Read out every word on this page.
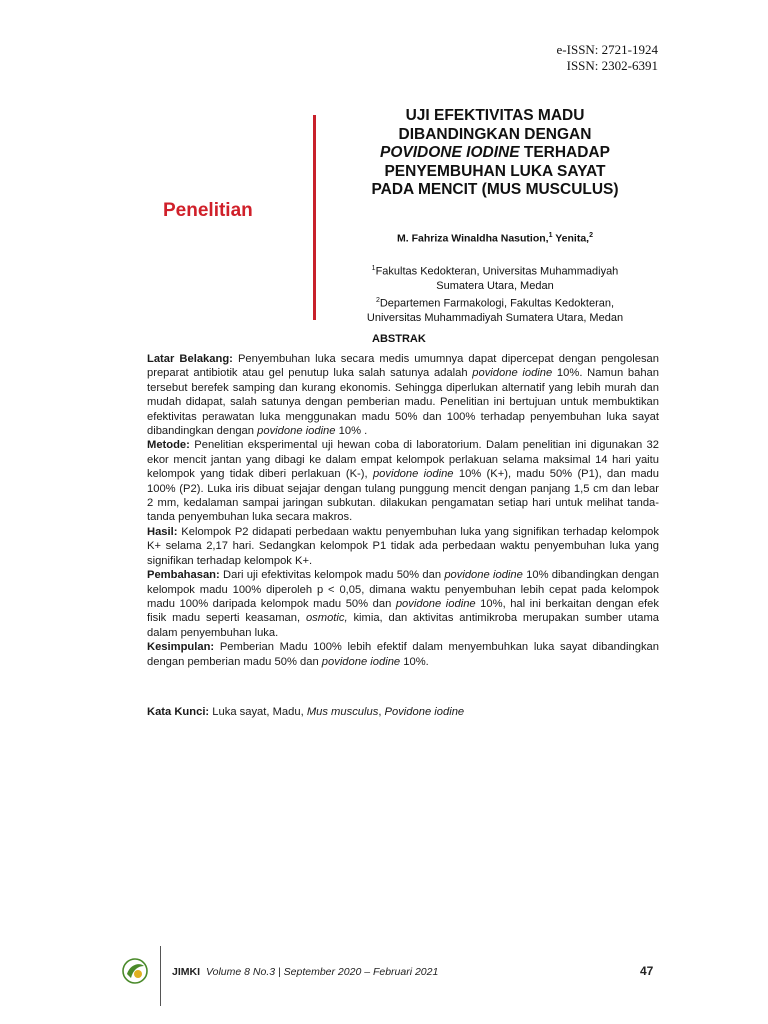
e-ISSN: 2721-1924
ISSN: 2302-6391
Penelitian
UJI EFEKTIVITAS MADU
DIBANDINGKAN DENGAN
POVIDONE IODINE TERHADAP
PENYEMBUHAN LUKA SAYAT
PADA MENCIT (MUS MUSCULUS)
M. Fahriza Winaldha Nasution,$^1$ Yenita,$^2$
$^1$Fakultas Kedokteran, Universitas Muhammadiyah
Sumatera Utara, Medan
$^2$Departemen Farmakologi, Fakultas Kedokteran,
Universitas Muhammadiyah Sumatera Utara, Medan
ABSTRAK

Latar Belakang: Penyembuhan luka secara medis umumnya dapat dipercepat dengan pengolesan preparat antibiotik atau gel penutup luka salah satunya adalah povidone iodine 10%. Namun bahan tersebut berefek samping dan kurang ekonomis. Sehingga diperlukan alternatif yang lebih murah dan mudah didapat, salah satunya dengan pemberian madu. Penelitian ini bertujuan untuk membuktikan efektivitas perawatan luka menggunakan madu 50% dan 100% terhadap penyembuhan luka sayat dibandingkan dengan povidone iodine 10% .

Metode: Penelitian eksperimental uji hewan coba di laboratorium. Dalam penelitian ini digunakan 32 ekor mencit jantan yang dibagi ke dalam empat kelompok perlakuan selama maksimal 14 hari yaitu kelompok yang tidak diberi perlakuan (K-), povidone iodine 10% (K+), madu 50% (P1), dan madu 100% (P2). Luka iris dibuat sejajar dengan tulang punggung mencit dengan panjang 1,5 cm dan lebar 2 mm, kedalaman sampai jaringan subkutan. dilakukan pengamatan setiap hari untuk melihat tanda-tanda penyembuhan luka secara makros.

Hasil: Kelompok P2 didapati perbedaan waktu penyembuhan luka yang signifikan terhadap kelompok K+ selama 2,17 hari. Sedangkan kelompok P1 tidak ada perbedaan waktu penyembuhan luka yang signifikan terhadap kelompok K+.

Pembahasan: Dari uji efektivitas kelompok madu 50% dan povidone iodine 10% dibandingkan dengan kelompok madu 100% diperoleh p < 0,05, dimana waktu penyembuhan lebih cepat pada kelompok madu 100% daripada kelompok madu 50% dan povidone iodine 10%, hal ini berkaitan dengan efek fisik madu seperti keasaman, osmotic, kimia, dan aktivitas antimikroba merupakan sumber utama dalam penyembuhan luka.

Kesimpulan: Pemberian Madu 100% lebih efektif dalam menyembuhkan luka sayat dibandingkan dengan pemberian madu 50% dan povidone iodine 10%.

Kata Kunci: Luka sayat, Madu, Mus musculus, Povidone iodine
JIMKI Volume 8 No.3 | September 2020 – Februari 2021	47
